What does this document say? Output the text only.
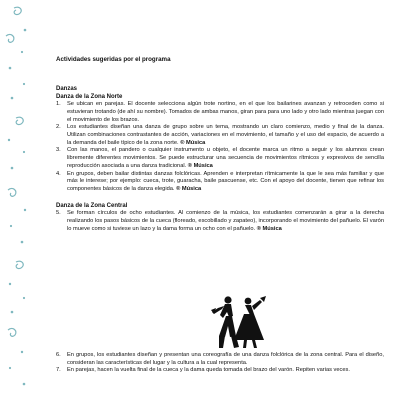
Actividades sugeridas por el programa

Danzas

Danza de la Zona Norte

1. Se ubican en parejas. El docente selecciona algún trote nortino, en el que los bailarines avanzan y retroceden como si estuvieran trotando (de ahí su nombre). Tomados de ambas manos, giran para para uno lado y otro lado mientras juegan con el movimiento de los brazos.
2. Los estudiantes diseñan una danza de grupo sobre un tema, mostrando un claro comienzo, medio y final de la danza. Utilizan combinaciones contrastantes de acción, variaciones en el movimiento, el tamaño y el uso del espacio, de acuerdo a la demanda del baile típico de la zona norte. ® Música
3. Con las manos, el pandero o cualquier instrumento u objeto, el docente marca un ritmo a seguir y los alumnos crean libremente diferentes movimientos. Se puede estructurar una secuencia de movimientos rítmicos y expresivos de sencilla reproducción asociada a una danza tradicional. ® Música
4. En grupos, deben bailar distintas danzas folclóricas. Aprenden e interpretan rítmicamente la que le sea más familiar y que más le interese; por ejemplo: cueca, trote, guaracha, baile pascuense, etc. Con el apoyo del docente, tienen que refinar los componentes básicos de la danza elegida. ® Música

Danza de la Zona Central

5. Se forman círculos de ocho estudiantes. Al comienzo de la música, los estudiantes comenzarán a girar a la derecha realizando los pasos básicos de la cueca (floreado, escobillado y zapateo), incorporando el movimiento del pañuelo. El varón lo mueve como si tuviese un lazo y la dama forma un ocho con el pañuelo. ® Música
6. En grupos, los estudiantes diseñan y presentan una coreografía de una danza folclórica de la zona central. Para el diseño, consideran las características del lugar y la cultura a la cual representa.
7. En parejas, hacen la vuelta final de la cueca y la dama queda tomada del brazo del varón. Repiten varias veces.
